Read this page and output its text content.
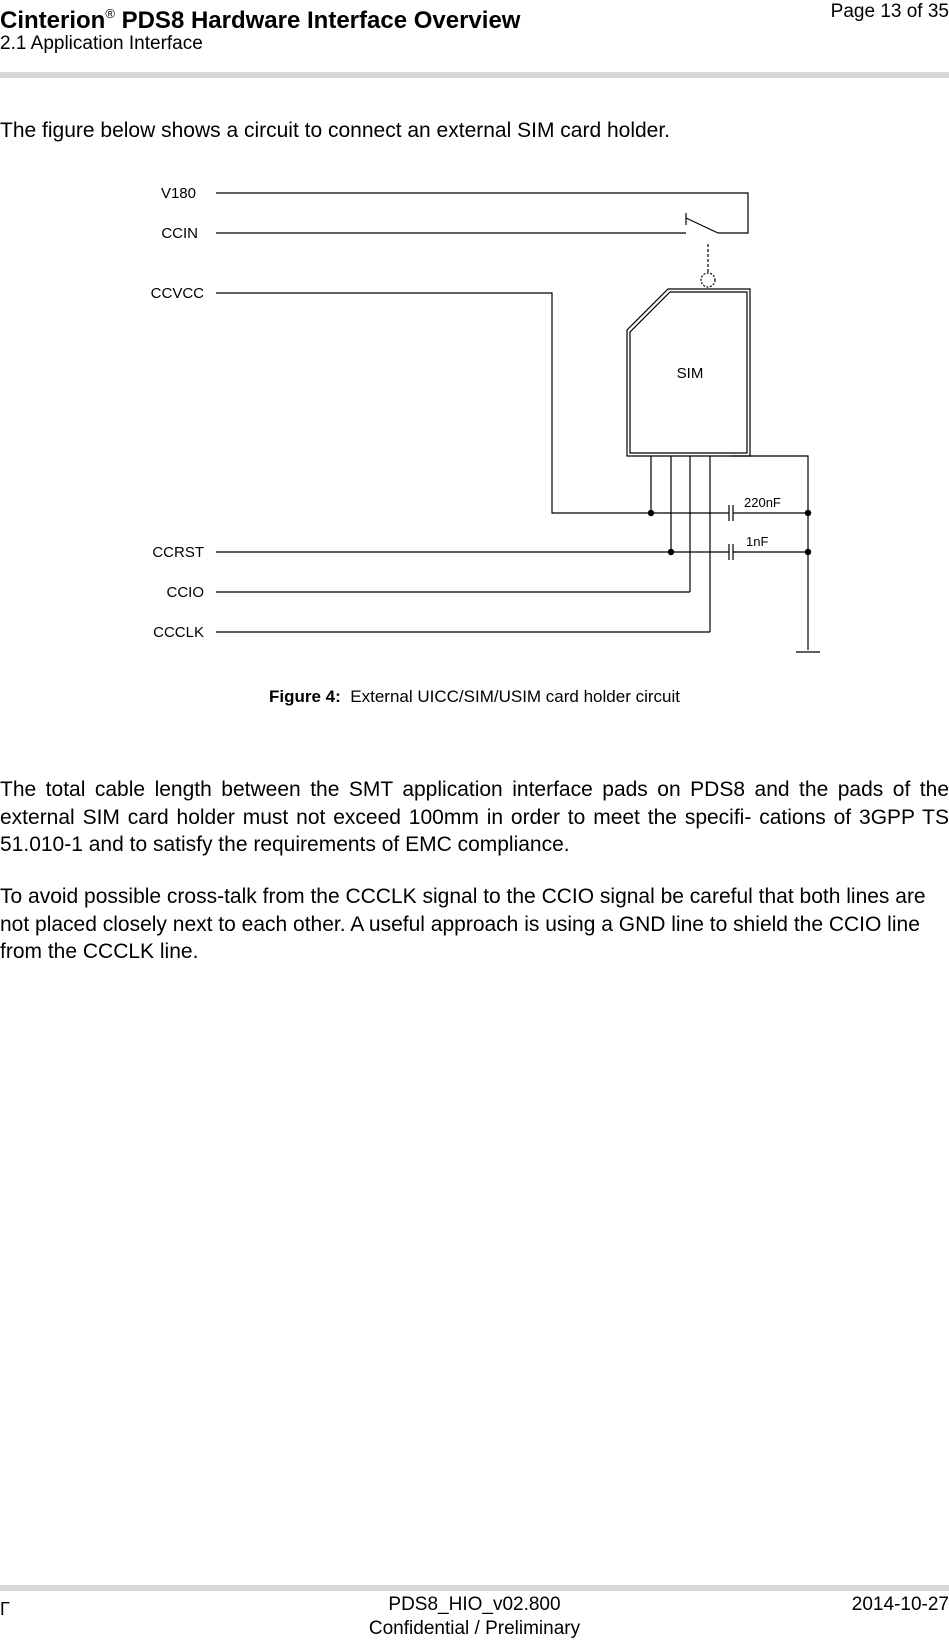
Cinterion® PDS8 Hardware Interface Overview
2.1 Application Interface
Page 13 of 35
The figure below shows a circuit to connect an external SIM card holder.
V180
CCIN
CCVCC
CCRST
CCIO
CCCLK
SIM
220nF
1nF
Figure 4: External UICC/SIM/USIM card holder circuit
The total cable length between the SMT application interface pads on PDS8 and the pads of the external SIM card holder must not exceed 100mm in order to meet the specifi- cations of 3GPP TS 51.010-1 and to satisfy the requirements of EMC compliance.
To avoid possible cross-talk from the CCCLK signal to the CCIO signal be careful that both lines are not placed closely next to each other. A useful approach is using a GND line to shield the CCIO line from the CCCLK line.
Γ	PDS8_HIO_v02.800
Confidential / Preliminary
2014-10-27
